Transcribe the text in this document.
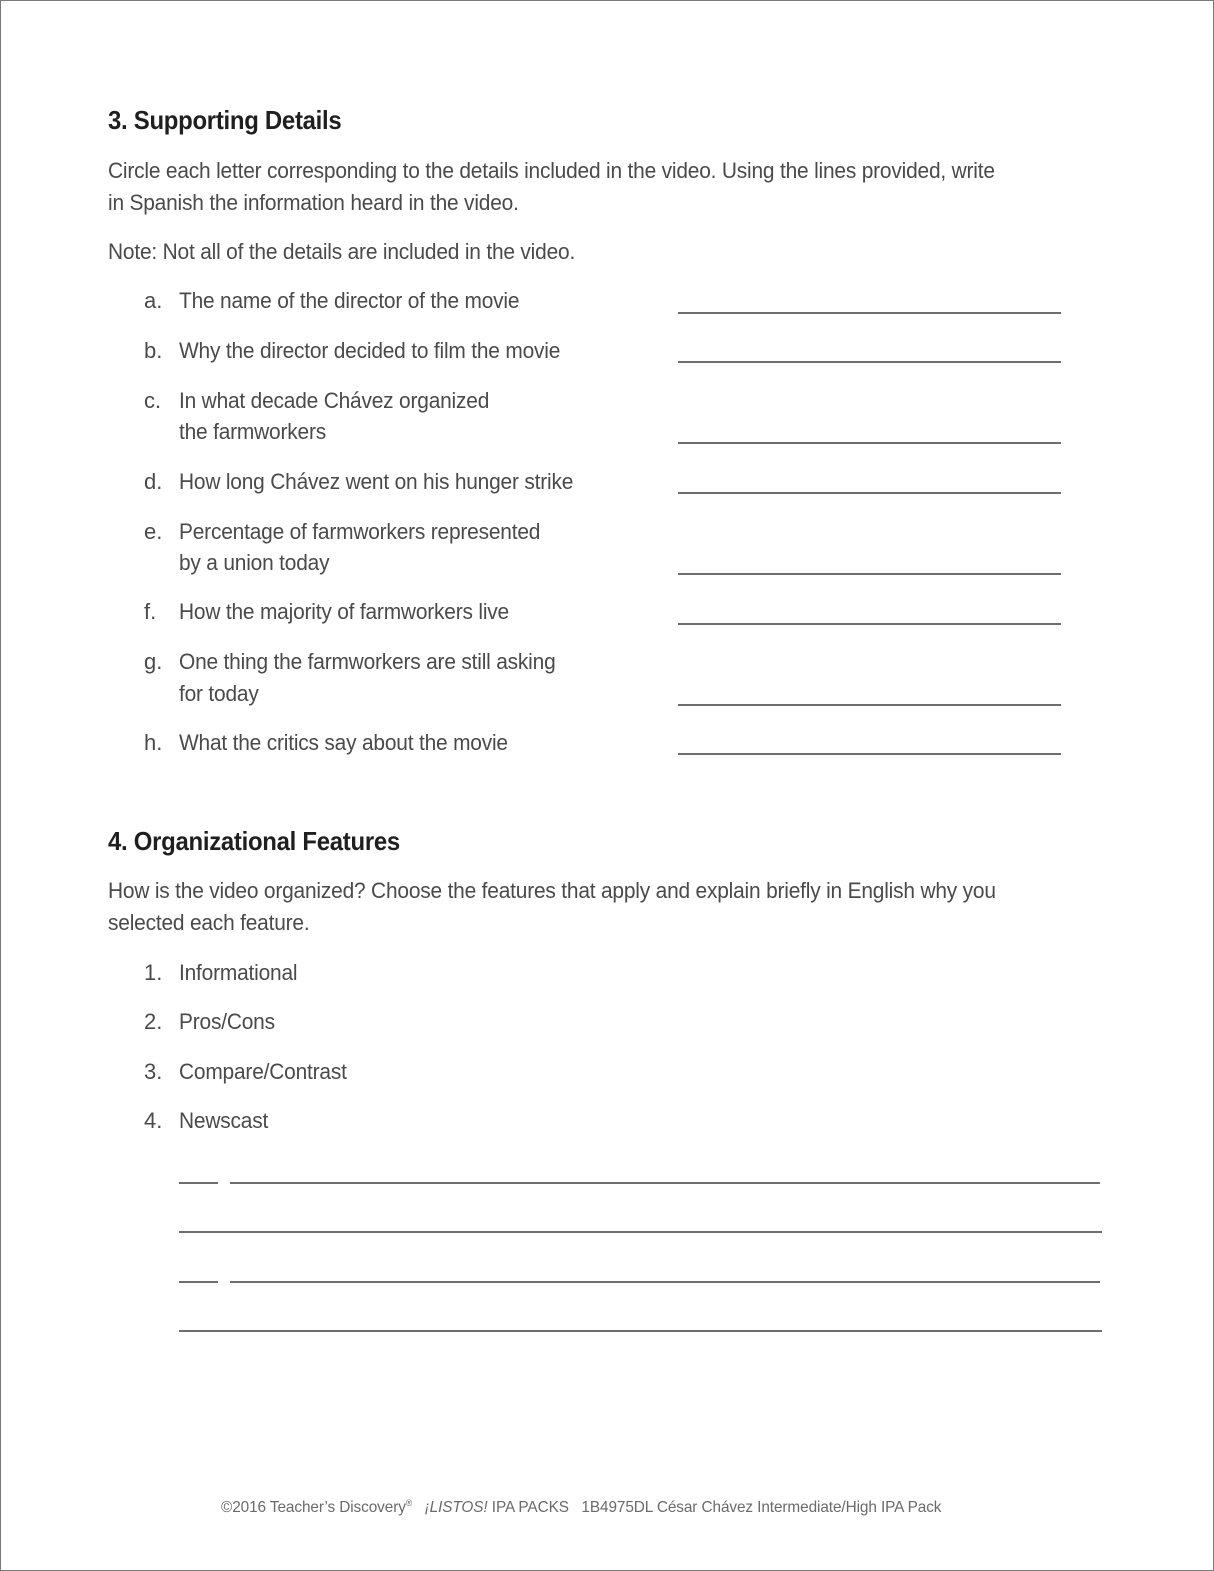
3. Supporting Details
Circle each letter corresponding to the details included in the video. Using the lines provided, write
in Spanish the information heard in the video.
Note: Not all of the details are included in the video.
a. The name of the director of the movie
b. Why the director decided to film the movie
c. In what decade Chávez organized
the farmworkers
d. How long Chávez went on his hunger strike
e. Percentage of farmworkers represented
by a union today
f. How the majority of farmworkers live
g. One thing the farmworkers are still asking
for today
h. What the critics say about the movie
4. Organizational Features
How is the video organized? Choose the features that apply and explain briefly in English why you
selected each feature.
1. Informational
2. Pros/Cons
3. Compare/Contrast
4. Newscast
©2016 Teacher’s Discovery® ¡LISTOS! IPA PACKS 1B4975DL César Chávez Intermediate/High IPA Pack
